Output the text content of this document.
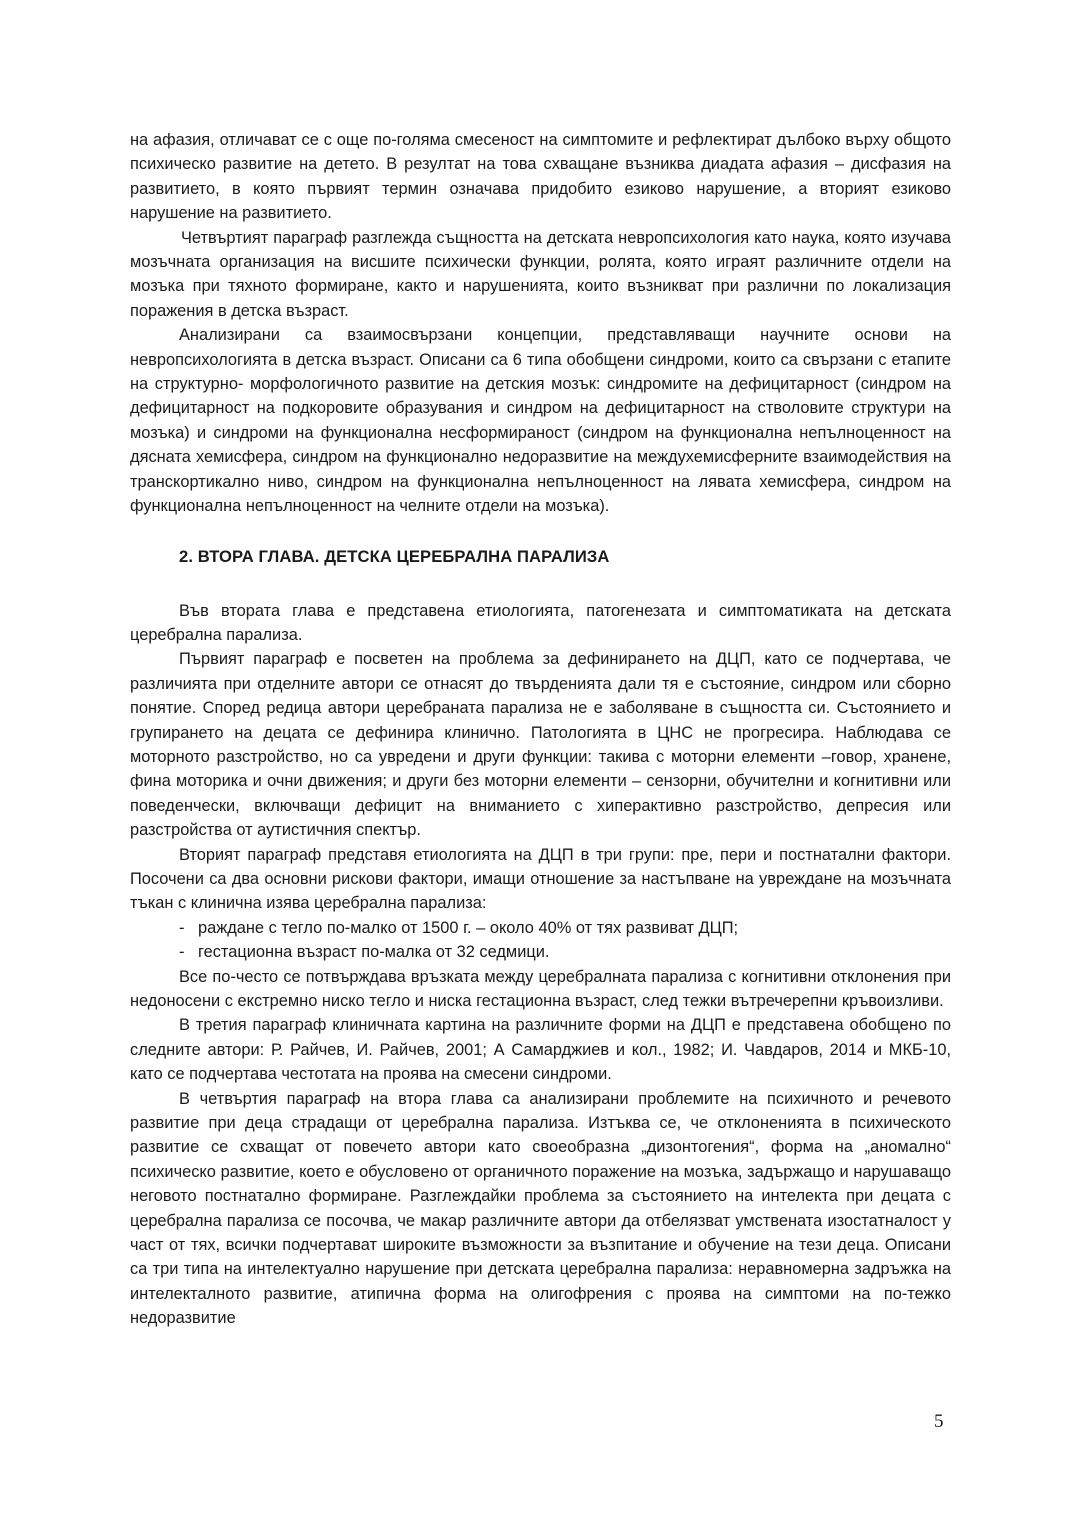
на афазия, отличават се с още по-голяма смесеност на симптомите и рефлектират дълбоко върху общото психическо развитие на детето. В резултат на това схващане възниква диадата афазия – дисфазия на развитието, в която първият термин означава придобито езиково нарушение, а вторият езиково нарушение на развитието.

Четвъртият параграф разглежда същността на детската невропсихология като наука, която изучава мозъчната организация на висшите психически функции, ролята, която играят различните отдели на мозъка при тяхното формиране, както и нарушенията, които възникват при различни по локализация поражения в детска възраст.

Анализирани са взаимосвързани концепции, представляващи научните основи на невропсихологията в детска възраст. Описани са 6 типа обобщени синдроми, които са свързани с етапите на структурно- морфологичното развитие на детския мозък: синдромите на дефицитарност (синдром на дефицитарност на подкоровите образувания и синдром на дефицитарност на стволовите структури на мозъка) и синдроми на функционална несформираност (синдром на функционална непълноценност на дясната хемисфера, синдром на функционално недоразвитие на междухемисферните взаимодействия на транскортикално ниво, синдром на функционална непълноценност на лявата хемисфера, синдром на функционална непълноценност на челните отдели на мозъка).

2. ВТОРА ГЛАВА. ДЕТСКА ЦЕРЕБРАЛНА ПАРАЛИЗА

Във втората глава е представена етиологията, патогенезата и симптоматиката на детската церебрална парализа.

Първият параграф е посветен на проблема за дефинирането на ДЦП, като се подчертава, че различията при отделните автори се отнасят до твърденията дали тя е състояние, синдром или сборно понятие. Според редица автори церебраната парализа не е заболяване в същността си. Състоянието и групирането на децата се дефинира клинично. Патологията в ЦНС не прогресира. Наблюдава се моторното разстройство, но са увредени и други функции: такива с моторни елементи –говор, хранене, фина моторика и очни движения; и други без моторни елементи – сензорни, обучителни и когнитивни или поведенчески, включващи дефицит на вниманието с хиперактивно разстройство, депресия или разстройства от аутистичния спектър.

Вторият параграф представя етиологията на ДЦП в три групи: пре, пери и постнатални фактори. Посочени са два основни рискови фактори, имащи отношение за настъпване на увреждане на мозъчната тъкан с клинична изява церебрална парализа:

- раждане с тегло по-малко от 1500 г. – около 40% от тях развиват ДЦП;
- гестационна възраст по-малка от 32 седмици.

Все по-често се потвърждава връзката между церебралната парализа с когнитивни отклонения при недоносени с екстремно ниско тегло и ниска гестационна възраст, след тежки вътречерепни кръвоизливи.

В третия параграф клиничната картина на различните форми на ДЦП е представена обобщено по следните автори: Р. Райчев, И. Райчев, 2001; А Самарджиев и кол., 1982; И. Чавдаров, 2014 и МКБ-10, като се подчертава честотата на проява на смесени синдроми.

В четвъртия параграф на втора глава са анализирани проблемите на психичното и речевото развитие при деца страдащи от церебрална парализа. Изтъква се, че отклоненията в психическото развитие се схващат от повечето автори като своеобразна „дизонтогения“, форма на „аномално“ психическо развитие, което е обусловено от органичното поражение на мозъка, задържащо и нарушаващо неговото постнатално формиране. Разглеждайки проблема за състоянието на интелекта при децата с церебрална парализа се посочва, че макар различните автори да отбелязват умствената изостатналост у част от тях, всички подчертават широките възможности за възпитание и обучение на тези деца. Описани са три типа на интелектуално нарушение при детската церебрална парализа: неравномерна задръжка на интелекталното развитие, атипична форма на олигофрения с проява на симптоми на по-тежко недоразвитие

5
